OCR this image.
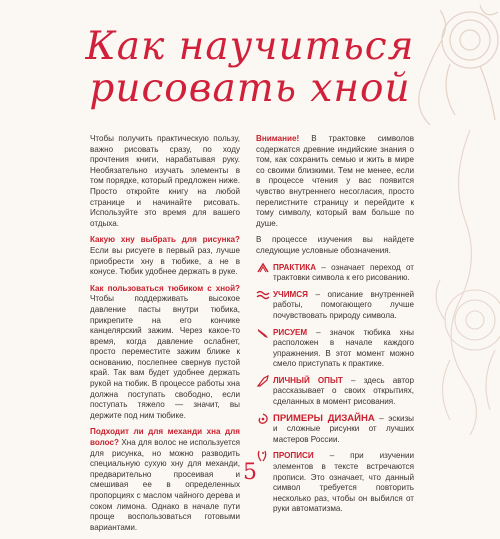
Как научиться
рисовать хной

Чтобы получить практическую пользу, важно рисовать сразу, по ходу прочтения книги, нарабатывая руку. Необязательно изучать элементы в том порядке, который предложен ниже. Просто откройте книгу на любой странице и начинайте рисовать. Используйте это время для вашего отдыха.

Какую хну выбрать для рисунка? Если вы рисуете в первый раз, лучше приобрести хну в тюбике, а не в конусе. Тюбик удобнее держать в руке.

Как пользоваться тюбиком с хной? Чтобы поддерживать высокое давление пасты внутри тюбика, прикрепите на его кончике канцелярский зажим. Через какое-то время, когда давление ослабнет, просто переместите зажим ближе к основанию, послепнее свернув пустой край. Так вам будет удобнее держать рукой на тюбик. В процессе работы хна должна поступать свободно, если поступать тяжело — значит, вы держите под ним тюбике.

Подходит ли для механди хна для волос? Хна для волос не используется для рисунка, но можно разводить специальную сухую хну для механди, предварительно просеивая и смешивая ее в определенных пропорциях с маслом чайного дерева и соком лимона. Однако в начале пути проще воспользоваться готовыми вариантами.

Внимание! В трактовке символов содержатся древние индийские знания о том, как сохранить семью и жить в мире со своими близкими. Тем не менее, если в процессе чтения у вас появится чувство внутреннего несогласия, просто перелистните страницу и перейдите к тому символу, который вам больше по душе.

В процессе изучения вы найдете следующие условные обозначения.

ПРАКТИКА – означает переход от трактовки символа к его рисованию.
УЧИМСЯ – описание внутренней работы, помогающего лучше почувствовать природу символа.
РИСУЕМ – значок тюбика хны расположен в начале каждого упражнения. В этот момент можно смело приступать к практике.
ЛИЧНЫЙ ОПЫТ – здесь автор рассказывает о своих открытиях, сделанных в момент рисования.
ПРИМЕРЫ ДИЗАЙНА – эскизы и сложные рисунки от лучших мастеров России.
ПРОПИСИ – при изучении элементов в тексте встречаются прописи. Это означает, что данный символ требуется повторить несколько раз, чтобы он выбился от руки автоматизма.

5
